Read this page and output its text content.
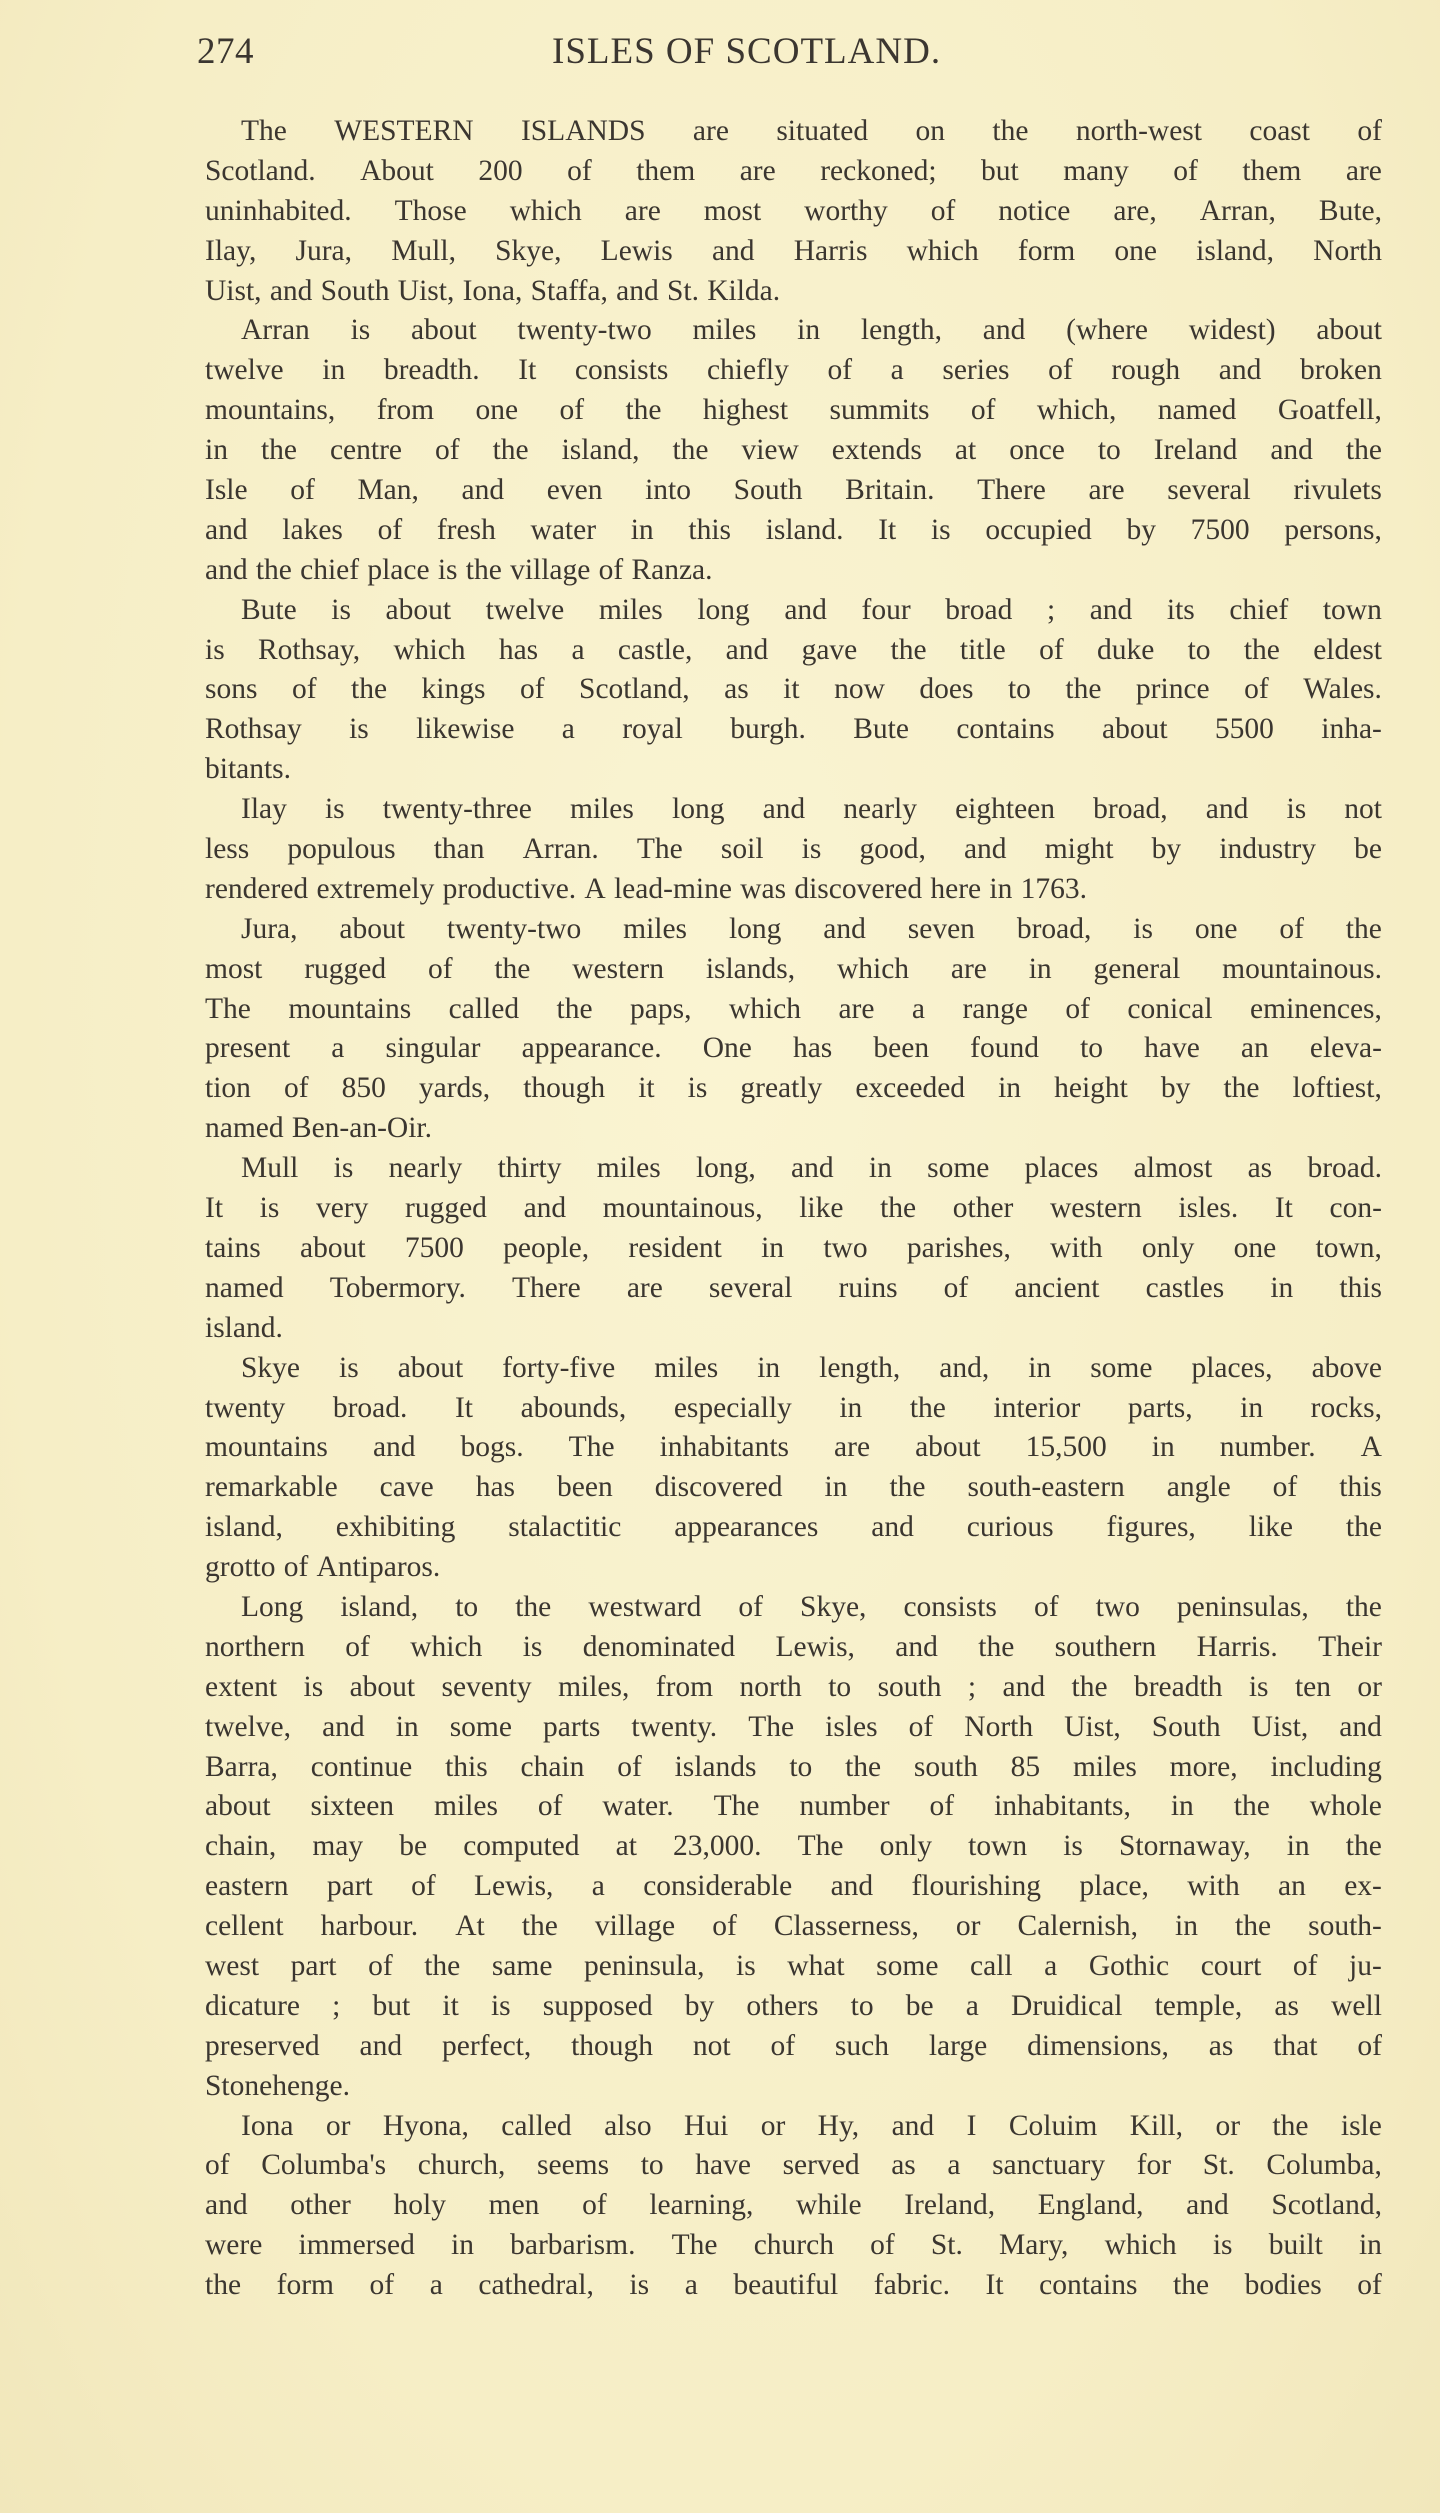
274	ISLES OF SCOTLAND.
The WESTERN ISLANDS are situated on the north-west coast of
Scotland. About 200 of them are reckoned; but many of them are
uninhabited. Those which are most worthy of notice are, Arran, Bute,
Ilay, Jura, Mull, Skye, Lewis and Harris which form one island, North
Uist, and South Uist, Iona, Staffa, and St. Kilda.
Arran is about twenty-two miles in length, and (where widest) about
twelve in breadth. It consists chiefly of a series of rough and broken
mountains, from one of the highest summits of which, named Goatfell,
in the centre of the island, the view extends at once to Ireland and the
Isle of Man, and even into South Britain. There are several rivulets
and lakes of fresh water in this island. It is occupied by 7500 persons,
and the chief place is the village of Ranza.
Bute is about twelve miles long and four broad ; and its chief town
is Rothsay, which has a castle, and gave the title of duke to the eldest
sons of the kings of Scotland, as it now does to the prince of Wales.
Rothsay is likewise a royal burgh. Bute contains about 5500 inha-
bitants.
Ilay is twenty-three miles long and nearly eighteen broad, and is not
less populous than Arran. The soil is good, and might by industry be
rendered extremely productive. A lead-mine was discovered here in 1763.
Jura, about twenty-two miles long and seven broad, is one of the
most rugged of the western islands, which are in general mountainous.
The mountains called the paps, which are a range of conical eminences,
present a singular appearance. One has been found to have an eleva-
tion of 850 yards, though it is greatly exceeded in height by the loftiest,
named Ben-an-Oir.
Mull is nearly thirty miles long, and in some places almost as broad.
It is very rugged and mountainous, like the other western isles. It con-
tains about 7500 people, resident in two parishes, with only one town,
named Tobermory. There are several ruins of ancient castles in this
island.
Skye is about forty-five miles in length, and, in some places, above
twenty broad. It abounds, especially in the interior parts, in rocks,
mountains and bogs. The inhabitants are about 15,500 in number. A
remarkable cave has been discovered in the south-eastern angle of this
island, exhibiting stalactitic appearances and curious figures, like the
grotto of Antiparos.
Long island, to the westward of Skye, consists of two peninsulas, the
northern of which is denominated Lewis, and the southern Harris. Their
extent is about seventy miles, from north to south ; and the breadth is ten or
twelve, and in some parts twenty. The isles of North Uist, South Uist, and
Barra, continue this chain of islands to the south 85 miles more, including
about sixteen miles of water. The number of inhabitants, in the whole
chain, may be computed at 23,000. The only town is Stornaway, in the
eastern part of Lewis, a considerable and flourishing place, with an ex-
cellent harbour. At the village of Classerness, or Calernish, in the south-
west part of the same peninsula, is what some call a Gothic court of ju-
dicature ; but it is supposed by others to be a Druidical temple, as well
preserved and perfect, though not of such large dimensions, as that of
Stonehenge.
Iona or Hyona, called also Hui or Hy, and I Coluim Kill, or the isle
of Columba's church, seems to have served as a sanctuary for St. Columba,
and other holy men of learning, while Ireland, England, and Scotland,
were immersed in barbarism. The church of St. Mary, which is built in
the form of a cathedral, is a beautiful fabric. It contains the bodies of
